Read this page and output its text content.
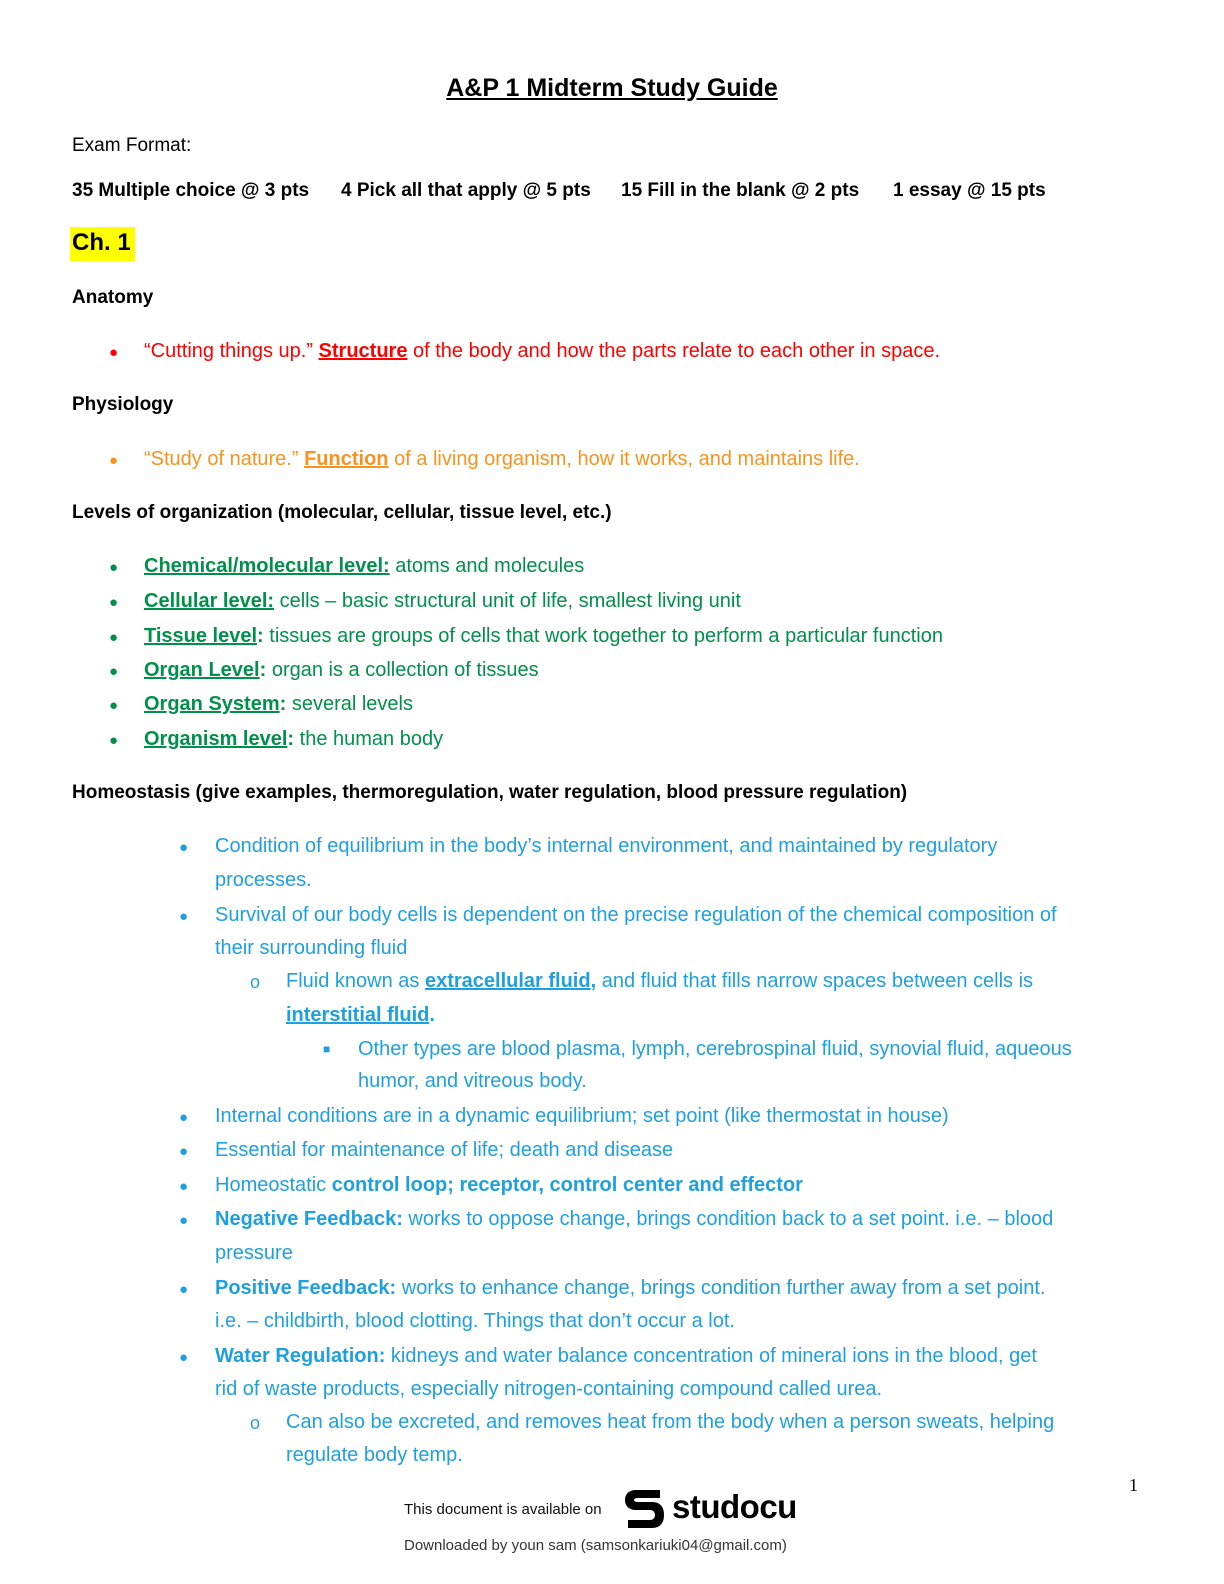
A&P 1 Midterm Study Guide
Exam Format:
35 Multiple choice @ 3 pts 4 Pick all that apply @ 5 pts 15 Fill in the blank @ 2 pts 1 essay @ 15 pts
Ch. 1
Anatomy
● “Cutting things up.” Structure of the body and how the parts relate to each other in space.
Physiology
● “Study of nature.” Function of a living organism, how it works, and maintains life.
Levels of organization (molecular, cellular, tissue level, etc.)
● Chemical/molecular level: atoms and molecules
● Cellular level: cells – basic structural unit of life, smallest living unit
● Tissue level: tissues are groups of cells that work together to perform a particular function
● Organ Level: organ is a collection of tissues
● Organ System: several levels
● Organism level: the human body
Homeostasis (give examples, thermoregulation, water regulation, blood pressure regulation)
● Condition of equilibrium in the body’s internal environment, and maintained by regulatory
processes.
● Survival of our body cells is dependent on the precise regulation of the chemical composition of
their surrounding fluid
o Fluid known as extracellular fluid, and fluid that fills narrow spaces between cells is
interstitial fluid.
■ Other types are blood plasma, lymph, cerebrospinal fluid, synovial fluid, aqueous
humor, and vitreous body.
● Internal conditions are in a dynamic equilibrium; set point (like thermostat in house)
● Essential for maintenance of life; death and disease
● Homeostatic control loop; receptor, control center and effector
● Negative Feedback: works to oppose change, brings condition back to a set point. i.e. – blood
pressure
● Positive Feedback: works to enhance change, brings condition further away from a set point.
i.e. – childbirth, blood clotting. Things that don’t occur a lot.
● Water Regulation: kidneys and water balance concentration of mineral ions in the blood, get
rid of waste products, especially nitrogen-containing compound called urea.
o Can also be excreted, and removes heat from the body when a person sweats, helping
regulate body temp.
1
This document is available on studocu
Downloaded by youn sam (samsonkariuki04@gmail.com)
